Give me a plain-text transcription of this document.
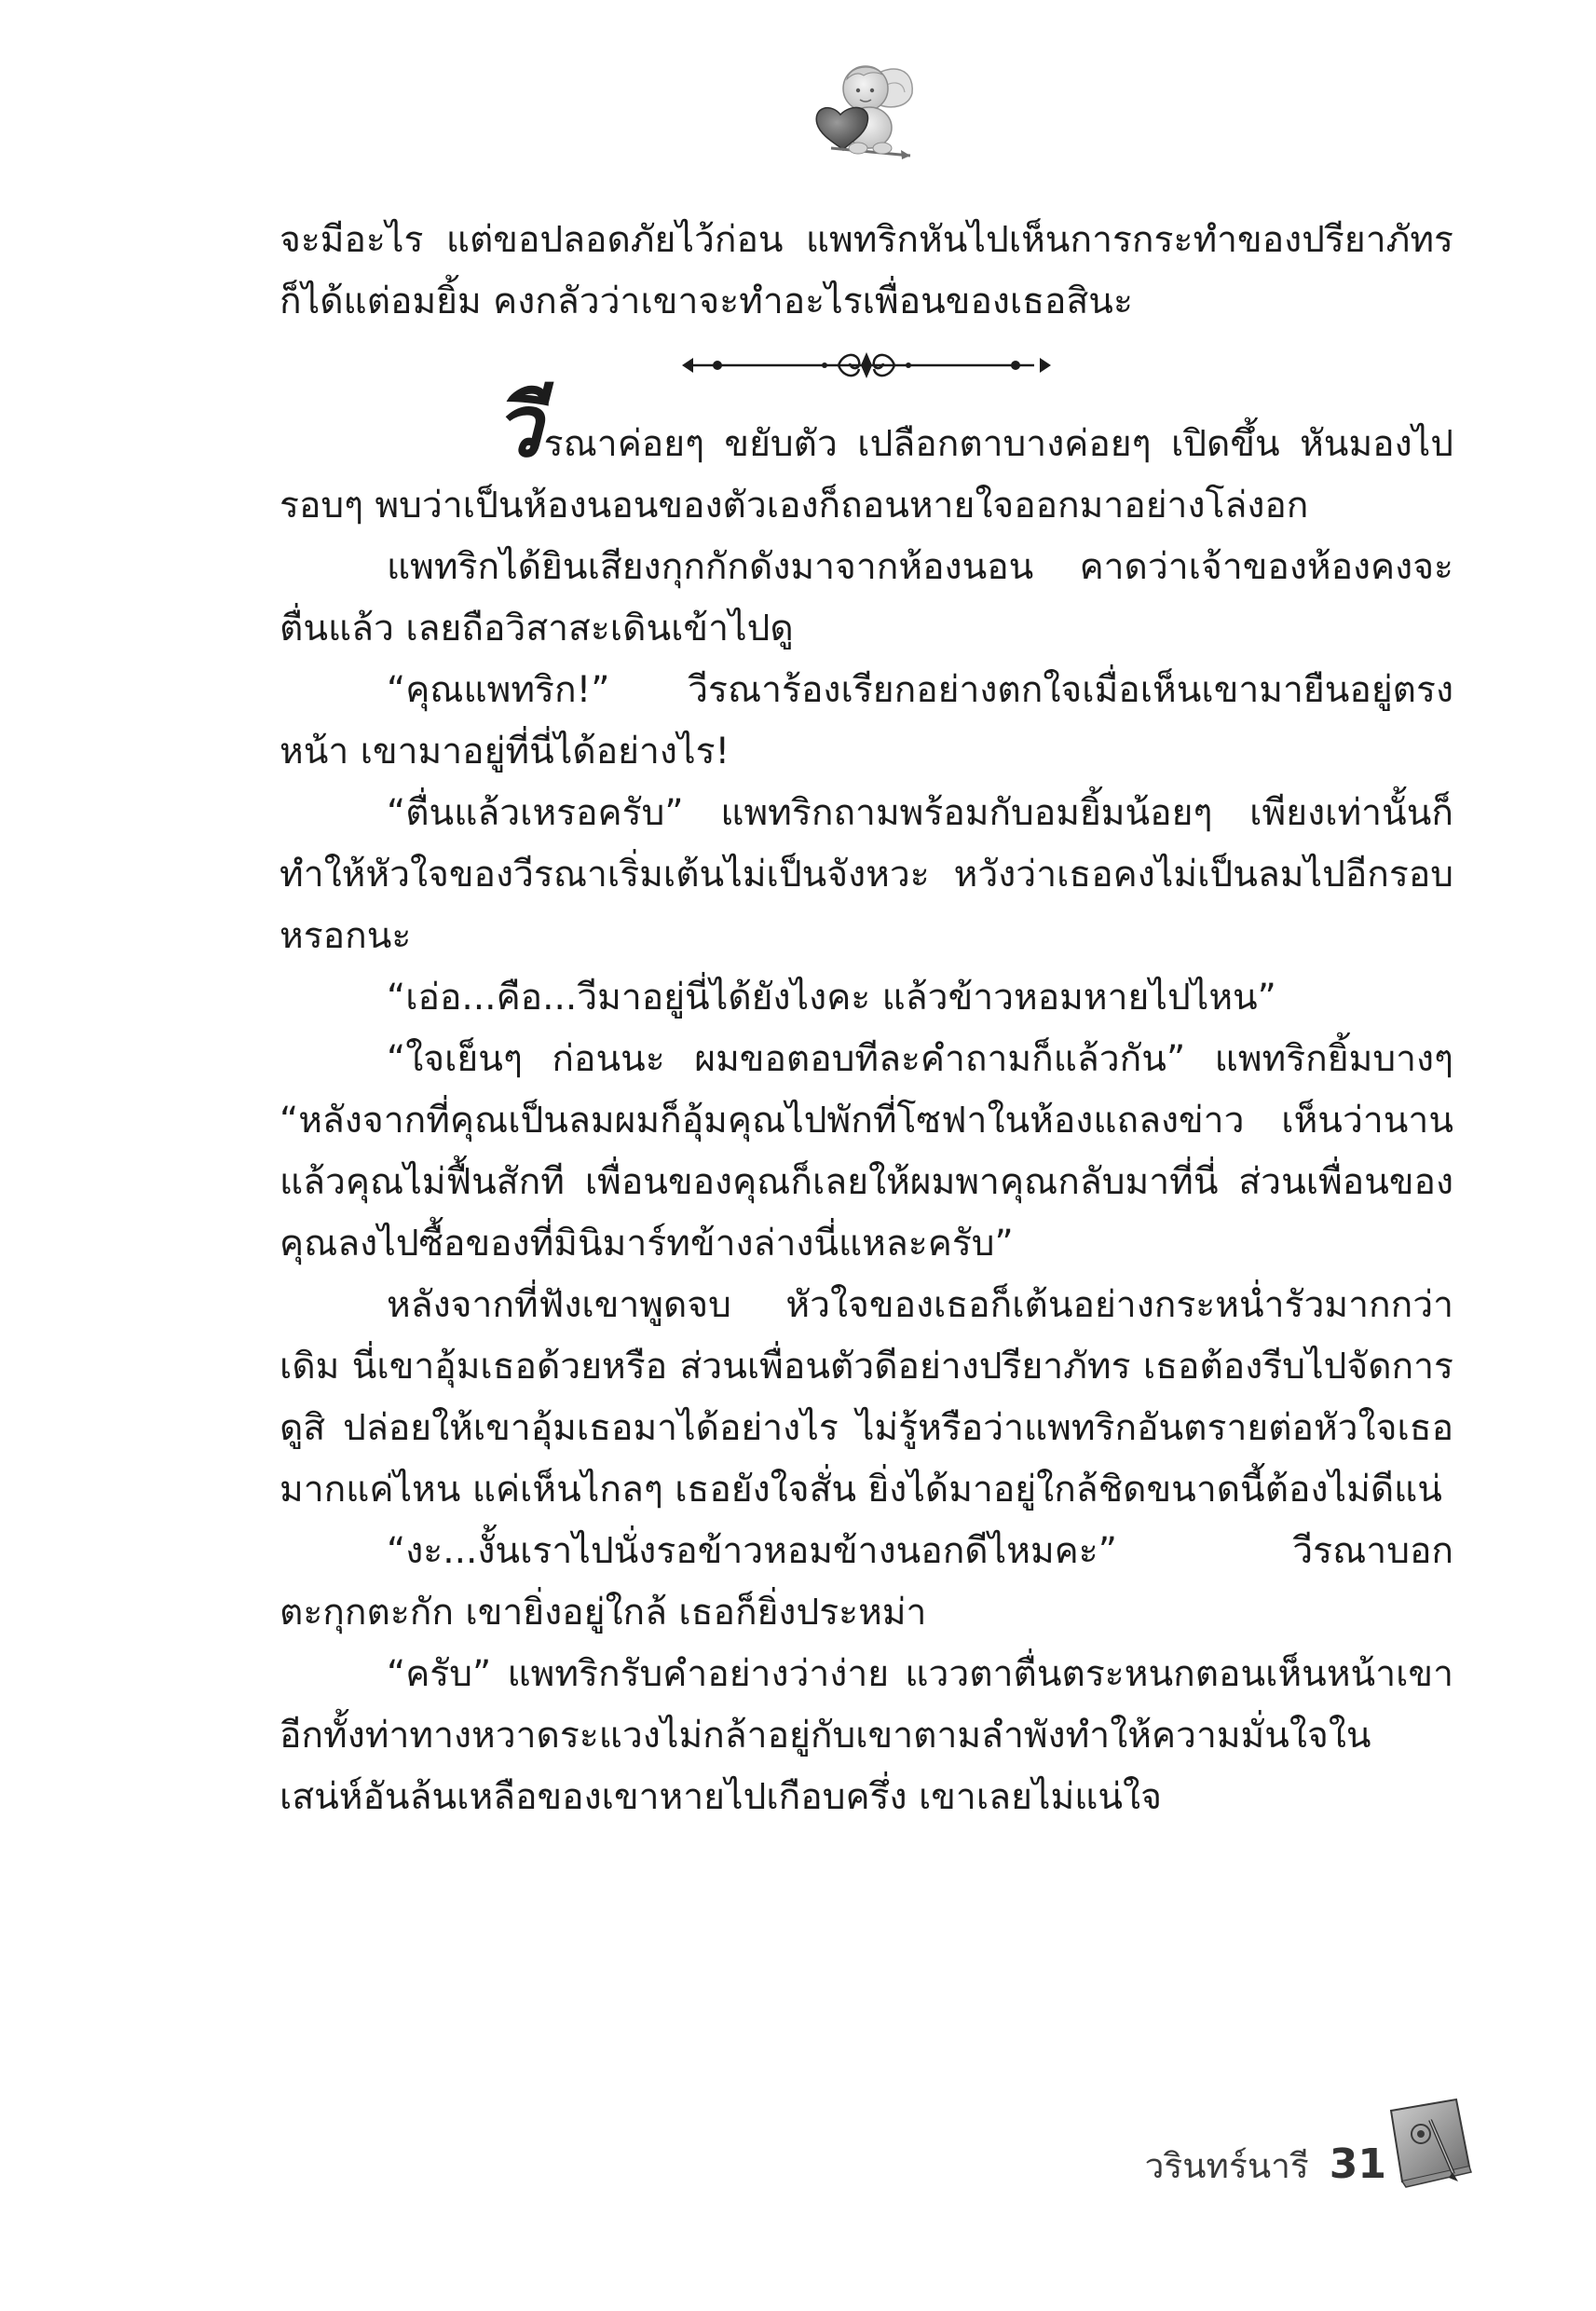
จะมีอะไร แต่ขอปลอดภัยไว้ก่อน แพทริกหันไปเห็นการกระทำของปรียาภัทรก็ได้แต่อมยิ้ม คงกลัวว่าเขาจะทำอะไรเพื่อนของเธอสินะ

วีรณาค่อยๆ ขยับตัว เปลือกตาบางค่อยๆ เปิดขึ้น หันมองไปรอบๆ พบว่าเป็นห้องนอนของตัวเองก็ถอนหายใจออกมาอย่างโล่งอก

แพทริกได้ยินเสียงกุกกักดังมาจากห้องนอน คาดว่าเจ้าของห้องคงจะตื่นแล้ว เลยถือวิสาสะเดินเข้าไปดู

“คุณแพทริก!” วีรณาร้องเรียกอย่างตกใจเมื่อเห็นเขามายืนอยู่ตรงหน้า เขามาอยู่ที่นี่ได้อย่างไร!

“ตื่นแล้วเหรอครับ” แพทริกถามพร้อมกับอมยิ้มน้อยๆ เพียงเท่านั้นก็ทำให้หัวใจของวีรณาเริ่มเต้นไม่เป็นจังหวะ หวังว่าเธอคงไม่เป็นลมไปอีกรอบหรอกนะ

“เอ่อ...คือ...วีมาอยู่นี่ได้ยังไงคะ แล้วข้าวหอมหายไปไหน”

“ใจเย็นๆ ก่อนนะ ผมขอตอบทีละคำถามก็แล้วกัน” แพทริกยิ้มบางๆ “หลังจากที่คุณเป็นลมผมก็อุ้มคุณไปพักที่โซฟาในห้องแถลงข่าว เห็นว่านานแล้วคุณไม่ฟื้นสักที เพื่อนของคุณก็เลยให้ผมพาคุณกลับมาที่นี่ ส่วนเพื่อนของคุณลงไปซื้อของที่มินิมาร์ทข้างล่างนี่แหละครับ”

หลังจากที่ฟังเขาพูดจบ หัวใจของเธอก็เต้นอย่างกระหน่ำรัวมากกว่าเดิม นี่เขาอุ้มเธอด้วยหรือ ส่วนเพื่อนตัวดีอย่างปรียาภัทร เธอต้องรีบไปจัดการ ดูสิ ปล่อยให้เขาอุ้มเธอมาได้อย่างไร ไม่รู้หรือว่าแพทริกอันตรายต่อหัวใจเธอมากแค่ไหน แค่เห็นไกลๆ เธอยังใจสั่น ยิ่งได้มาอยู่ใกล้ชิดขนาดนี้ต้องไม่ดีแน่

“งะ...งั้นเราไปนั่งรอข้าวหอมข้างนอกดีไหมคะ” วีรณาบอกตะกุกตะกัก เขายิ่งอยู่ใกล้ เธอก็ยิ่งประหม่า

“ครับ” แพทริกรับคำอย่างว่าง่าย แววตาตื่นตระหนกตอนเห็นหน้าเขา อีกทั้งท่าทางหวาดระแวงไม่กล้าอยู่กับเขาตามลำพังทำให้ความมั่นใจในเสน่ห์อันล้นเหลือของเขาหายไปเกือบครึ่ง เขาเลยไม่แน่ใจ

วรินทร์นารี 31
